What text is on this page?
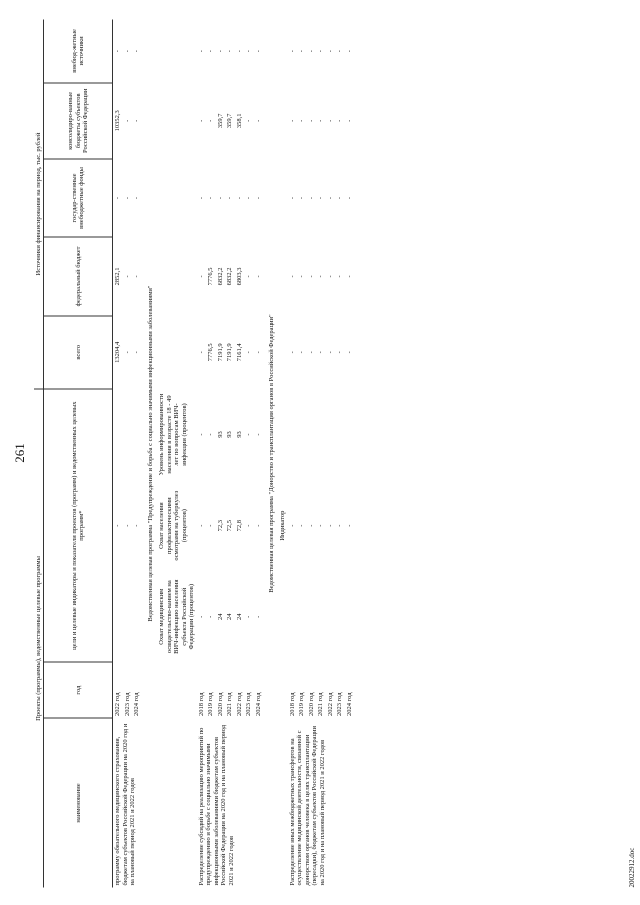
261
Проекты (программы), ведомственные целевые программы					Источники финансирования на период, тыс. рублей				
наименование	год	цели и целевые индикаторы и показатели проектов (программ) и ведомственных целевых программ*			всего	федеральный бюджет	государ-ственные внебюджетные фонды	консолидиро-ванные бюджеты субъектов Российской Федерации	внебюд-жетные источники
программу обязательного медицинского страхования, бюджетам субъектов Российской Федерации на 2020 год и на плановый период 2021 и 2022 годов	2022 год	-			13204,4	2852,1	-	10352,3	-
	2023 год	-			-	-	-	-	-
	2024 год	-			-	-	-	-	-
Ведомственная целевая программа "Предупреждение и борьба с социально значимыми инфекционными заболеваниями"									
		Охват медицинским освидетельство-ванием на ВИЧ-инфекцию населения субъекта Российской Федерации (процентов)	Охват населения профилактическими осмотрами на туберкулез (процентов)	Уровень информированности населения в возрасте 18 - 49 лет по вопросам ВИЧ-инфекции (процентов)					
Распределение субсидий на реализацию мероприятий по предупреждению и борьбе с социально значимыми инфекционными заболеваниями бюджетам субъектов Российской Федерации на 2020 год и на плановый период 2021 и 2022 годов	2018 год	-	-	-	-	-	-	-	-
	2019 год	-	-	-	7776,5	7776,5	-	-	-
	2020 год	24	72,3	93	7191,9	6832,2	-	359,7	-
	2021 год	24	72,5	93	7191,9	6832,2	-	359,7	-
	2022 год	24	72,8	93	7161,4	6803,3	-	358,1	-
	2023 год	-	-	-	-	-	-	-	-
	2024 год	-	-	-	-	-	-	-	-
Ведомственная целевая программа "Донорство и трансплантация органов в Российской Федерации"									
		Индикатор							
Распределение иных межбюджетных трансфертов на осуществление медицинской деятельности, связанной с донорством органов человека в целях трансплантации (пересадки), бюджетам субъектов Российской Федерации на 2020 год и на плановый период 2021 и 2022 годов	2018 год	-			-	-	-	-	-
	2019 год	-			-	-	-	-	-
	2020 год	-			-	-	-	-	-
	2021 год	-			-	-	-	-	-
	2022 год	-			-	-	-	-	-
	2023 год	-			-	-	-	-	-
	2024 год	-			-	-	-	-	-
20022912.doc
